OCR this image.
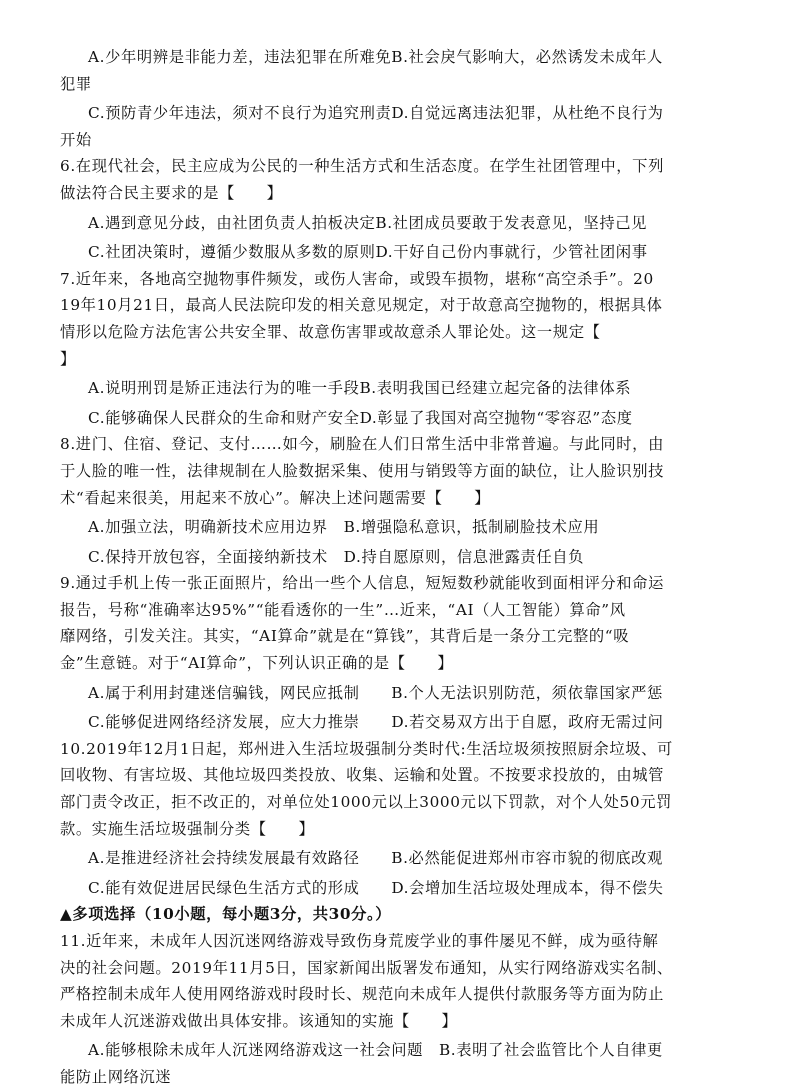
A.少年明辨是非能力差，违法犯罪在所难免B.社会戾气影响大，必然诱发未成年人
犯罪
C.预防青少年违法，须对不良行为追究刑责D.自觉远离违法犯罪，从杜绝不良行为
开始
6.在现代社会，民主应成为公民的一种生活方式和生活态度。在学生社团管理中，下列
做法符合民主要求的是【　　】
A.遇到意见分歧，由社团负责人拍板决定B.社团成员要敢于发表意见，坚持己见
C.社团决策时，遵循少数服从多数的原则D.干好自己份内事就行，少管社团闲事
7.近年来，各地高空抛物事件频发，或伤人害命，或毁车损物，堪称“高空杀手”。20
19年10月21日，最高人民法院印发的相关意见规定，对于故意高空抛物的，根据具体
情形以危险方法危害公共安全罪、故意伤害罪或故意杀人罪论处。这一规定【
】
A.说明刑罚是矫正违法行为的唯一手段B.表明我国已经建立起完备的法律体系
C.能够确保人民群众的生命和财产安全D.彰显了我国对高空抛物“零容忍”态度
8.进门、住宿、登记、支付……如今，刷脸在人们日常生活中非常普遍。与此同时，由
于人脸的唯一性，法律规制在人脸数据采集、使用与销毁等方面的缺位，让人脸识别技
术“看起来很美，用起来不放心”。解决上述问题需要【　　】
A.加强立法，明确新技术应用边界　B.增强隐私意识，抵制刷脸技术应用
C.保持开放包容，全面接纳新技术　D.持自愿原则，信息泄露责任自负
9.通过手机上传一张正面照片，给出一些个人信息，短短数秒就能收到面相评分和命运
报告，号称“准确率达95%”“能看透你的一生”…近来，“AI（人工智能）算命”风
靡网络，引发关注。其实，“AI算命”就是在“算钱”，其背后是一条分工完整的“吸
金”生意链。对于“AI算命”，下列认识正确的是【　　】
A.属于利用封建迷信骗钱，网民应抵制　　B.个人无法识别防范，须依靠国家严惩
C.能够促进网络经济发展，应大力推崇　　D.若交易双方出于自愿，政府无需过问
10.2019年12月1日起，郑州进入生活垃圾强制分类时代:生活垃圾须按照厨余垃圾、可
回收物、有害垃圾、其他垃圾四类投放、收集、运输和处置。不按要求投放的，由城管
部门责令改正，拒不改正的，对单位处1000元以上3000元以下罚款，对个人处50元罚
款。实施生活垃圾强制分类【　　】
A.是推进经济社会持续发展最有效路径　　B.必然能促进郑州市容市貌的彻底改观
C.能有效促进居民绿色生活方式的形成　　D.会增加生活垃圾处理成本，得不偿失
▲多项选择（10小题，每小题3分，共30分。）
11.近年来，未成年人因沉迷网络游戏导致伤身荒废学业的事件屡见不鲜，成为亟待解
决的社会问题。2019年11月5日，国家新闻出版署发布通知，从实行网络游戏实名制、
严格控制未成年人使用网络游戏时段时长、规范向未成年人提供付款服务等方面为防止
未成年人沉迷游戏做出具体安排。该通知的实施【　　】
A.能够根除未成年人沉迷网络游戏这一社会问题　B.表明了社会监管比个人自律更
能防止网络沉迷
